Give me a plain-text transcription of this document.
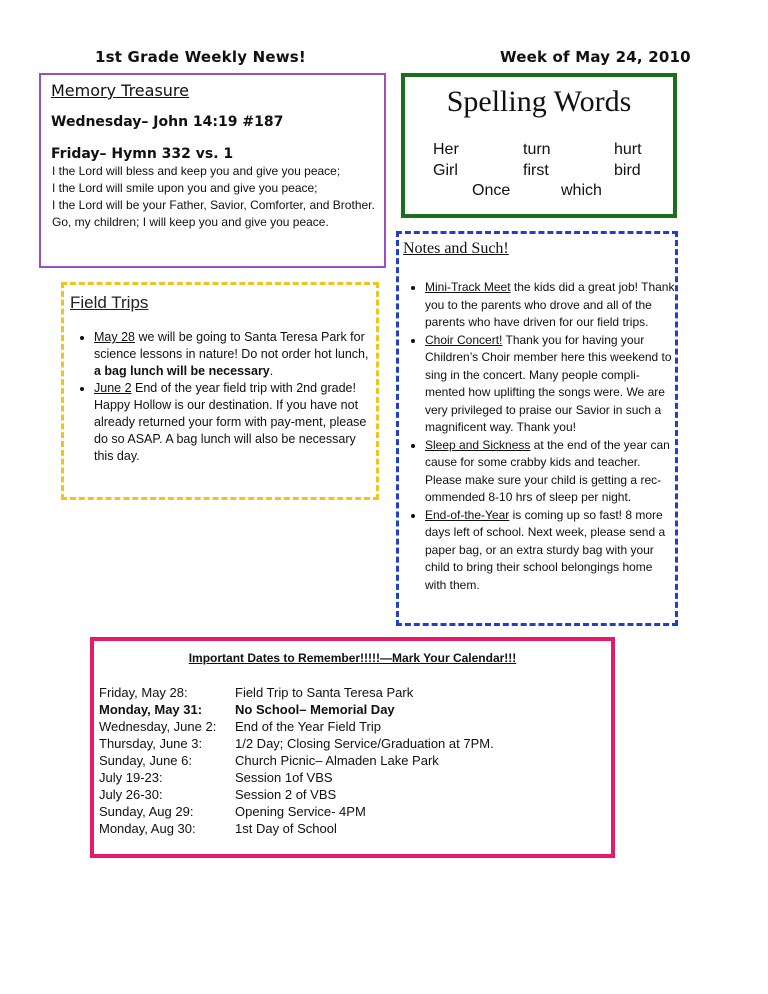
1st Grade Weekly News!	Week of May 24, 2010
Memory Treasure
Wednesday– John 14:19 #187
Friday– Hymn 332 vs. 1
I the Lord will bless and keep you and give you peace;
I the Lord will smile upon you and give you peace;
I the Lord will be your Father, Savior, Comforter, and Brother.
Go, my children; I will keep you and give you peace.
Spelling Words
Her	turn	hurt
Girl	first	bird
Once	which
Field Trips
• May 28 we will be going to Santa Teresa Park for science lessons in nature! Do not order hot lunch, a bag lunch will be necessary.
• June 2 End of the year field trip with 2nd grade! Happy Hollow is our destination. If you have not already returned your form with pay-ment, please do so ASAP. A bag lunch will also be necessary this day.
Notes and Such!
• Mini-Track Meet the kids did a great job! Thank you to the parents who drove and all of the parents who have driven for our field trips.
• Choir Concert! Thank you for having your Children’s Choir member here this weekend to sing in the concert. Many people compli-mented how uplifting the songs were. We are very privileged to praise our Savior in such a magnificent way. Thank you!
• Sleep and Sickness at the end of the year can cause for some crabby kids and teacher. Please make sure your child is getting a rec-ommended 8-10 hrs of sleep per night.
• End-of-the-Year is coming up so fast! 8 more days left of school. Next week, please send a paper bag, or an extra sturdy bag with your child to bring their school belongings home with them.
Important Dates to Remember!!!!!—Mark Your Calendar!!!
Friday, May 28:	Field Trip to Santa Teresa Park
Monday, May 31:	No School– Memorial Day
Wednesday, June 2:	End of the Year Field Trip
Thursday, June 3:	1/2 Day; Closing Service/Graduation at 7PM.
Sunday, June 6:	Church Picnic– Almaden Lake Park
July 19-23:	Session 1of VBS
July 26-30:	Session 2 of VBS
Sunday, Aug 29:	Opening Service- 4PM
Monday, Aug 30:	1st Day of School
